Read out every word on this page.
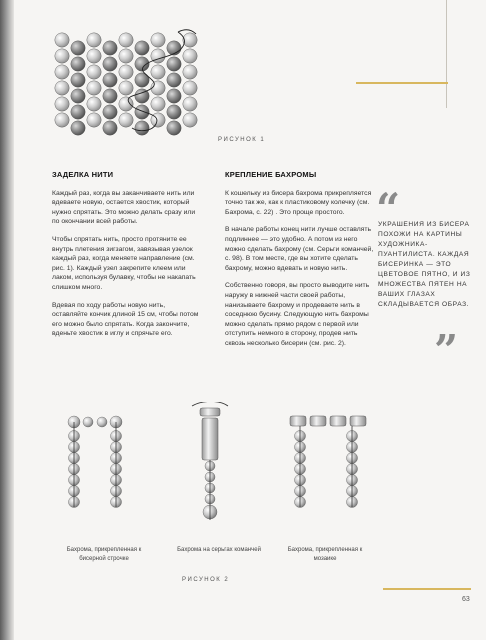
РИСУНОК 1
ЗАДЕЛКА НИТИ

Каждый раз, когда вы заканчиваете нить или вдеваете новую, остается хвостик, который нужно спрятать. Это можно делать сразу или по окончании всей работы.

Чтобы спрятать нить, просто протяните ее внутрь плетения зигзагом, завязывая узелок каждый раз, когда меняете направление (см. рис. 1). Каждый узел закрепите клеем или лаком, используя булавку, чтобы не накапать слишком много.

Вдевая по ходу работы новую нить, оставляйте кончик длиной 15 см, чтобы потом его можно было спрятать. Когда закончите, вденьте хвостик в иглу и спрячьте его.

КРЕПЛЕНИЕ БАХРОМЫ

К кошельку из бисера бахрома прикрепляется точно так же, как к пластиковому колечку (см. Бахрома, с. 22) . Это проще простого.

В начале работы конец нити лучше оставлять подлиннее — это удобно. А потом из него можно сделать бахрому (см. Серьги команчей, с. 98). В том месте, где вы хотите сделать бахрому, можно вдевать и новую нить.

Собственно говоря, вы просто выводите нить наружу в нижней части своей работы, нанизываете бахрому и продеваете нить в соседнюю бусину. Следующую нить бахромы можно сделать прямо рядом с первой или отступить немного в сторону, продев нить сквозь несколько бисерин (см. рис. 2).

“
УКРАШЕНИЯ ИЗ БИСЕРА ПОХОЖИ НА КАРТИНЫ ХУДОЖНИКА-ПУАНТИЛИСТА. КАЖДАЯ БИСЕРИНКА — ЭТО ЦВЕТОВОЕ ПЯТНО, И ИЗ МНОЖЕСТВА ПЯТЕН НА ВАШИХ ГЛАЗАХ СКЛАДЫВАЕТСЯ ОБРАЗ.
”
Бахрома, прикрепленная к бисерной строчке
Бахрома на серьгах команчей	Бахрома, прикрепленная к мозаике
РИСУНОК 2
63
